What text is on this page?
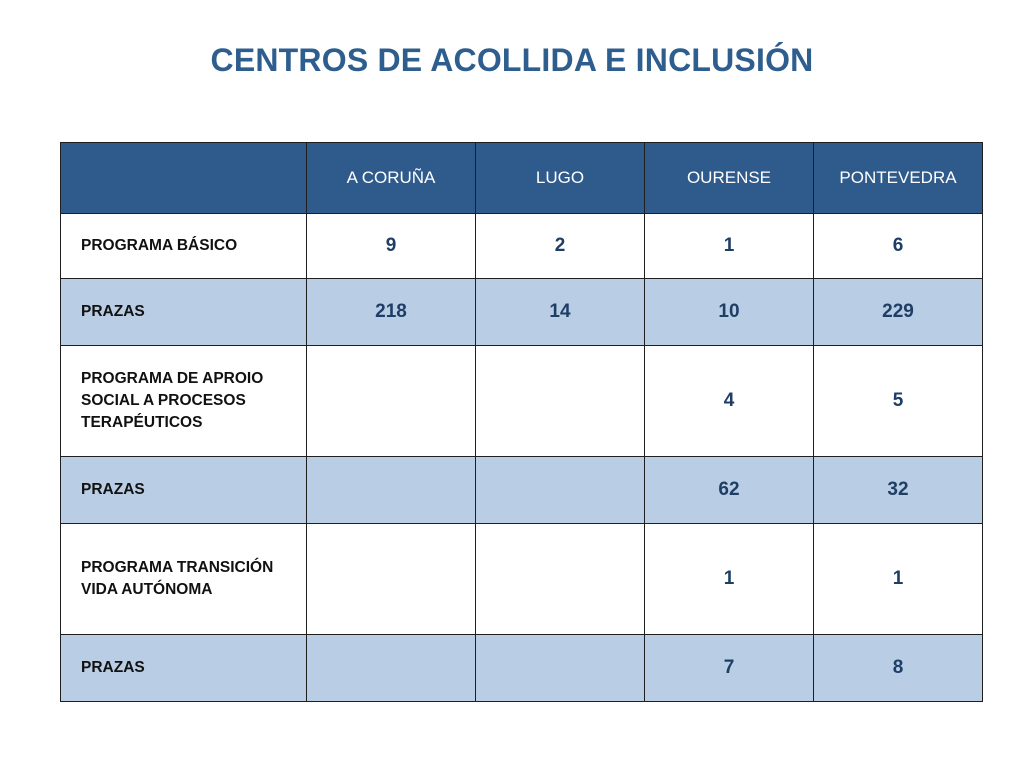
CENTROS DE ACOLLIDA E INCLUSIÓN
	A CORUÑA	LUGO	OURENSE	PONTEVEDRA
PROGRAMA BÁSICO	9	2	1	6
PRAZAS	218	14	10	229
PROGRAMA DE APROIO SOCIAL A PROCESOS TERAPÉUTICOS			4	5
PRAZAS			62	32
PROGRAMA TRANSICIÓN VIDA AUTÓNOMA			1	1
PRAZAS			7	8
